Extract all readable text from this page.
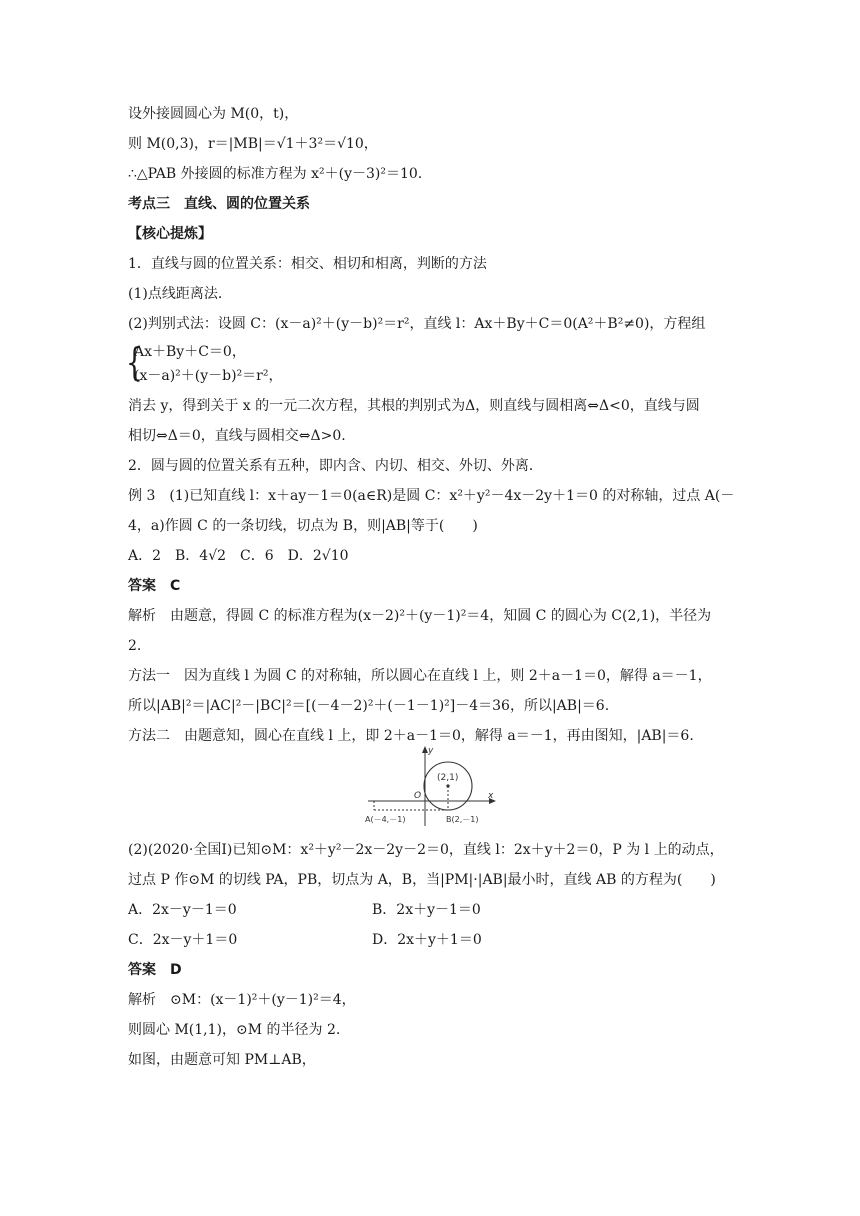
设外接圆圆心为 M(0，t)，
则 M(0,3)，r＝|MB|＝√1＋3²＝√10，
∴△PAB 外接圆的标准方程为 x²＋(y－3)²＝10.
考点三　直线、圆的位置关系
【核心提炼】
1．直线与圆的位置关系：相交、相切和相离，判断的方法
(1)点线距离法．
(2)判别式法：设圆 C：(x－a)²＋(y－b)²＝r²，直线 l：Ax＋By＋C＝0(A²＋B²≠0)，方程组
{
Ax＋By＋C＝0，
(x－a)²＋(y－b)²＝r²，
消去 y，得到关于 x 的一元二次方程，其根的判别式为Δ，则直线与圆相离⇔Δ<0，直线与圆
相切⇔Δ＝0，直线与圆相交⇔Δ>0.
2．圆与圆的位置关系有五种，即内含、内切、相交、外切、外离．
例 3　(1)已知直线 l：x＋ay－1＝0(a∈R)是圆 C：x²＋y²－4x－2y＋1＝0 的对称轴，过点 A(－
4，a)作圆 C 的一条切线，切点为 B，则|AB|等于(　　)
A．2　B．4√2　C．6　D．2√10
答案　C
解析　由题意，得圆 C 的标准方程为(x－2)²＋(y－1)²＝4，知圆 C 的圆心为 C(2,1)，半径为
2.
方法一　因为直线 l 为圆 C 的对称轴，所以圆心在直线 l 上，则 2＋a－1＝0，解得 a＝－1，
所以|AB|²＝|AC|²－|BC|²＝[(－4－2)²＋(－1－1)²]－4＝36，所以|AB|＝6.
方法二　由题意知，圆心在直线 l 上，即 2＋a－1＝0，解得 a＝－1，再由图知，|AB|＝6.
y
x
O
(2,1)
A(－4,－1)	B(2,－1)
(2)(2020·全国Ⅰ)已知⊙M：x²＋y²－2x－2y－2＝0，直线 l：2x＋y＋2＝0，P 为 l 上的动点，
过点 P 作⊙M 的切线 PA，PB，切点为 A，B，当|PM|·|AB|最小时，直线 AB 的方程为(　　)
A．2x－y－1＝0	B．2x＋y－1＝0
C．2x－y＋1＝0	D．2x＋y＋1＝0
答案　D
解析　⊙M：(x－1)²＋(y－1)²＝4，
则圆心 M(1,1)，⊙M 的半径为 2.
如图，由题意可知 PM⊥AB，
